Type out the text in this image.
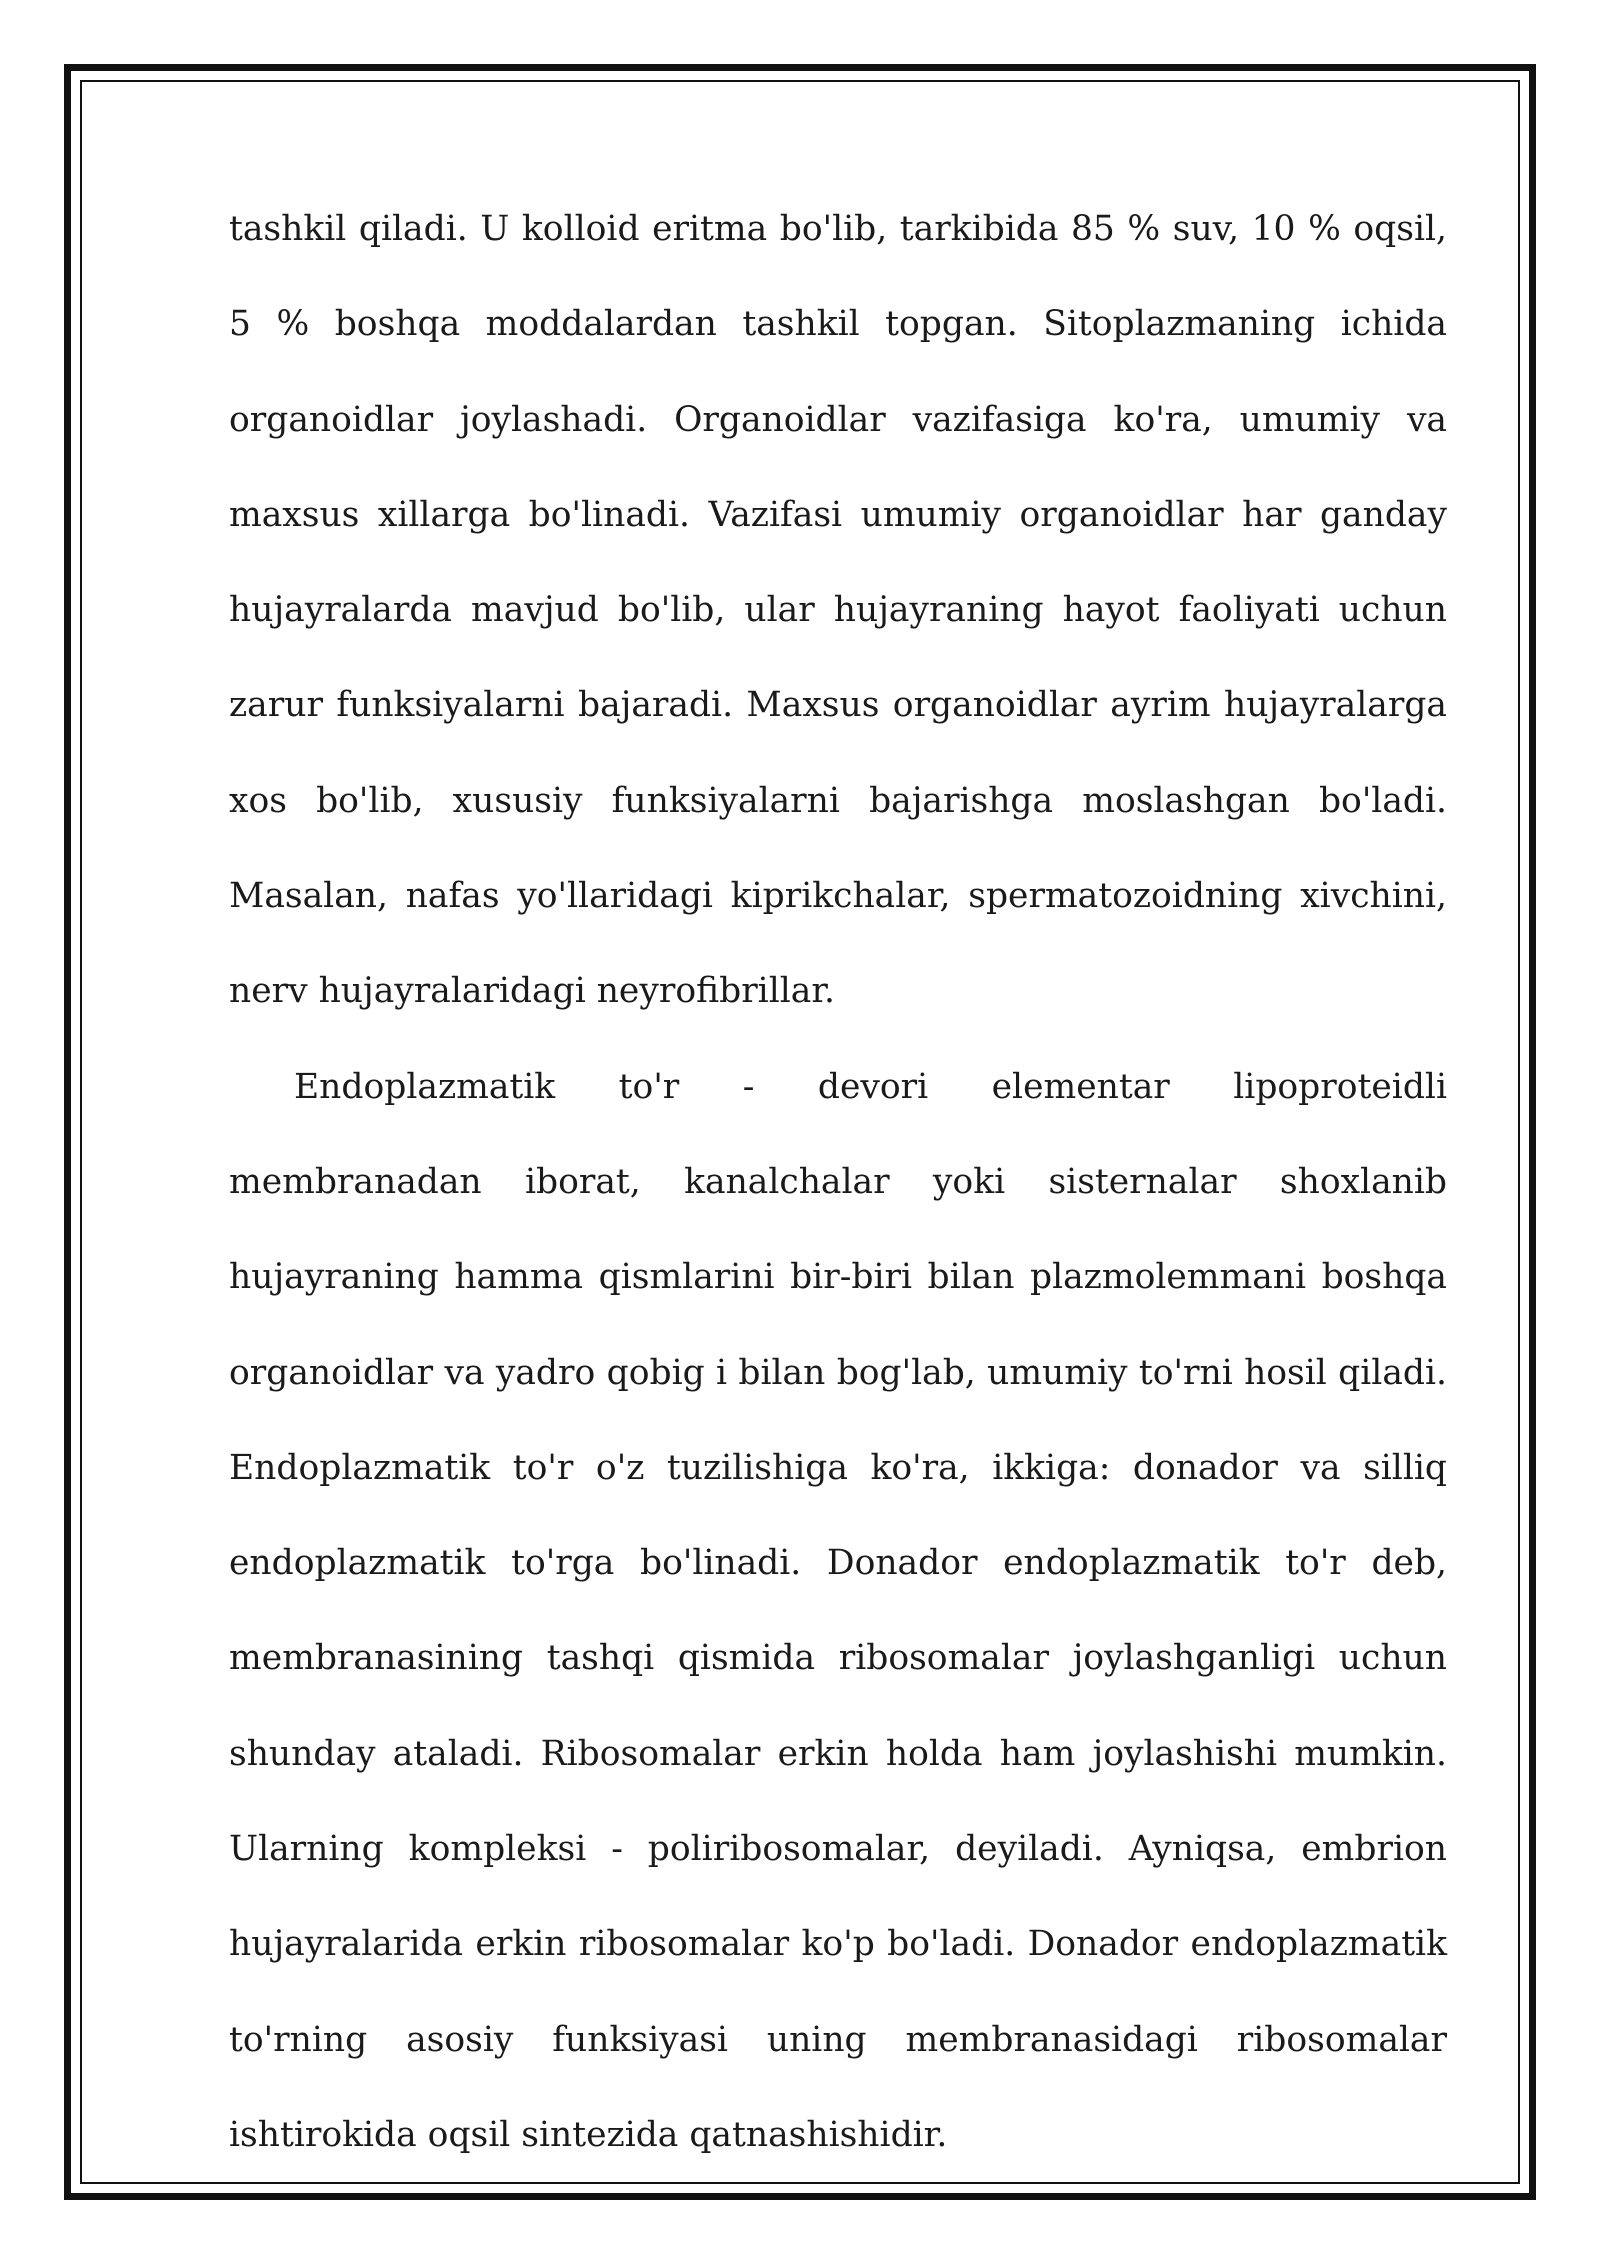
tashkil qiladi. U kolloid eritma bo'lib, tarkibida 85 % suv, 10 % oqsil, 5 % boshqa moddalardan tashkil topgan. Sitoplazmaning ichida organoidlar joylashadi. Organoidlar vazifasiga ko'ra, umumiy va maxsus xillarga bo'linadi. Vazifasi umumiy organoidlar har ganday hujayralarda mavjud bo'lib, ular hujayraning hayot faoliyati uchun zarur funksiyalarni bajaradi. Maxsus organoidlar ayrim hujayralarga xos bo'lib, xususiy funksiyalarni bajarishga moslashgan bo'ladi. Masalan, nafas yo'llaridagi kiprikchalar, spermatozoidning xivchini, nerv hujayralaridagi neyrofibrillar.

Endoplazmatik to'r - devori elementar lipoproteidli membranadan iborat, kanalchalar yoki sisternalar shoxlanib hujayraning hamma qismlarini bir-biri bilan plazmolemmani boshqa organoidlar va yadro qobig i bilan bog'lab, umumiy to'rni hosil qiladi. Endoplazmatik to'r o'z tuzilishiga ko'ra, ikkiga: donador va silliq endoplazmatik to'rga bo'linadi. Donador endoplazmatik to'r deb, membranasining tashqi qismida ribosomalar joylashganligi uchun shunday ataladi. Ribosomalar erkin holda ham joylashishi mumkin. Ularning kompleksi - poliribosomalar, deyiladi. Ayniqsa, embrion hujayralarida erkin ribosomalar ko'p bo'ladi. Donador endoplazmatik to'rning asosiy funksiyasi uning membranasidagi ribosomalar ishtirokida oqsil sintezida qatnashishidir.
